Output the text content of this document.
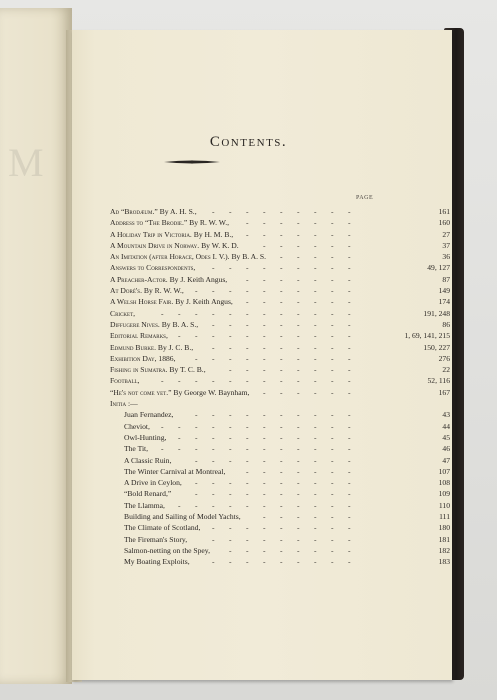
M	Contents.
PAGE
Ad “Brodæum.” By A. H. S., - - - - - - - - -	161
Address to “The Brodie.” By R. W. W., - - - - - - -	160
A Holiday Trip in Victoria. By H. M. B., - - - - - - -	27
A Mountain Drive in Norway. By W. K. D.	- - - - - -	37
An Imitation (after Horace, Odes I. V.). By B. A. S. - - - - -	36
Answers to Correspondents, - - - - - - - - -	49, 127
A Preacher-Actor. By J. Keith Angus, - - - - - - -	87
At Doré's. By R. W. W., - - - - - - - - - -	149
A Welsh Horse Fair. By J. Keith Angus, - - - - - - -	174
Cricket,	- - - - - - - - - - - -	191, 248
Diffugere Nives. By B. A. S., - - - - - - - - -	86
Editorial Remarks, - - - - - - - - - - -	1, 69, 141, 215
Edmund Burke. By J. C. B., - - - - - - - - -	150, 227
Exhibition Day, 1886,	- - - - - - - - - -	276
Fishing in Sumatra. By T. C. B.,	- - - - - - - -	22
Football,	- - - - - - - - - - - -	52, 116
“He's not come yet.” By George W. Baynham, - - - - - -	167
Initia :—
Juan Fernandez,	- - - - - - - - - -	43
Cheviot, - - - - - - - - - - - -	44
Owl-Hunting, - - - - - - - - - - -	45
The Tit, - - - - - - - - - - - -	46
A Classic Ruin,	- - - - - - - - - -	47
The Winter Carnival at Montreal,	- - - - - - -	107
A Drive in Ceylon, - - - - - - - - - -	108
“Bold Renard,”	- - - - - - - - - -	109
The Llamma, - - - - - - - - - - -	110
Building and Sailing of Model Yachts,	- - - - - -	111
The Climate of Scotland, - - - - - - - - -	180
The Fireman's Story,	- - - - - - - - -	181
Salmon-netting on the Spey,	- - - - - - - -	182
My Boating Exploits,	- - - - - - - - -	183
